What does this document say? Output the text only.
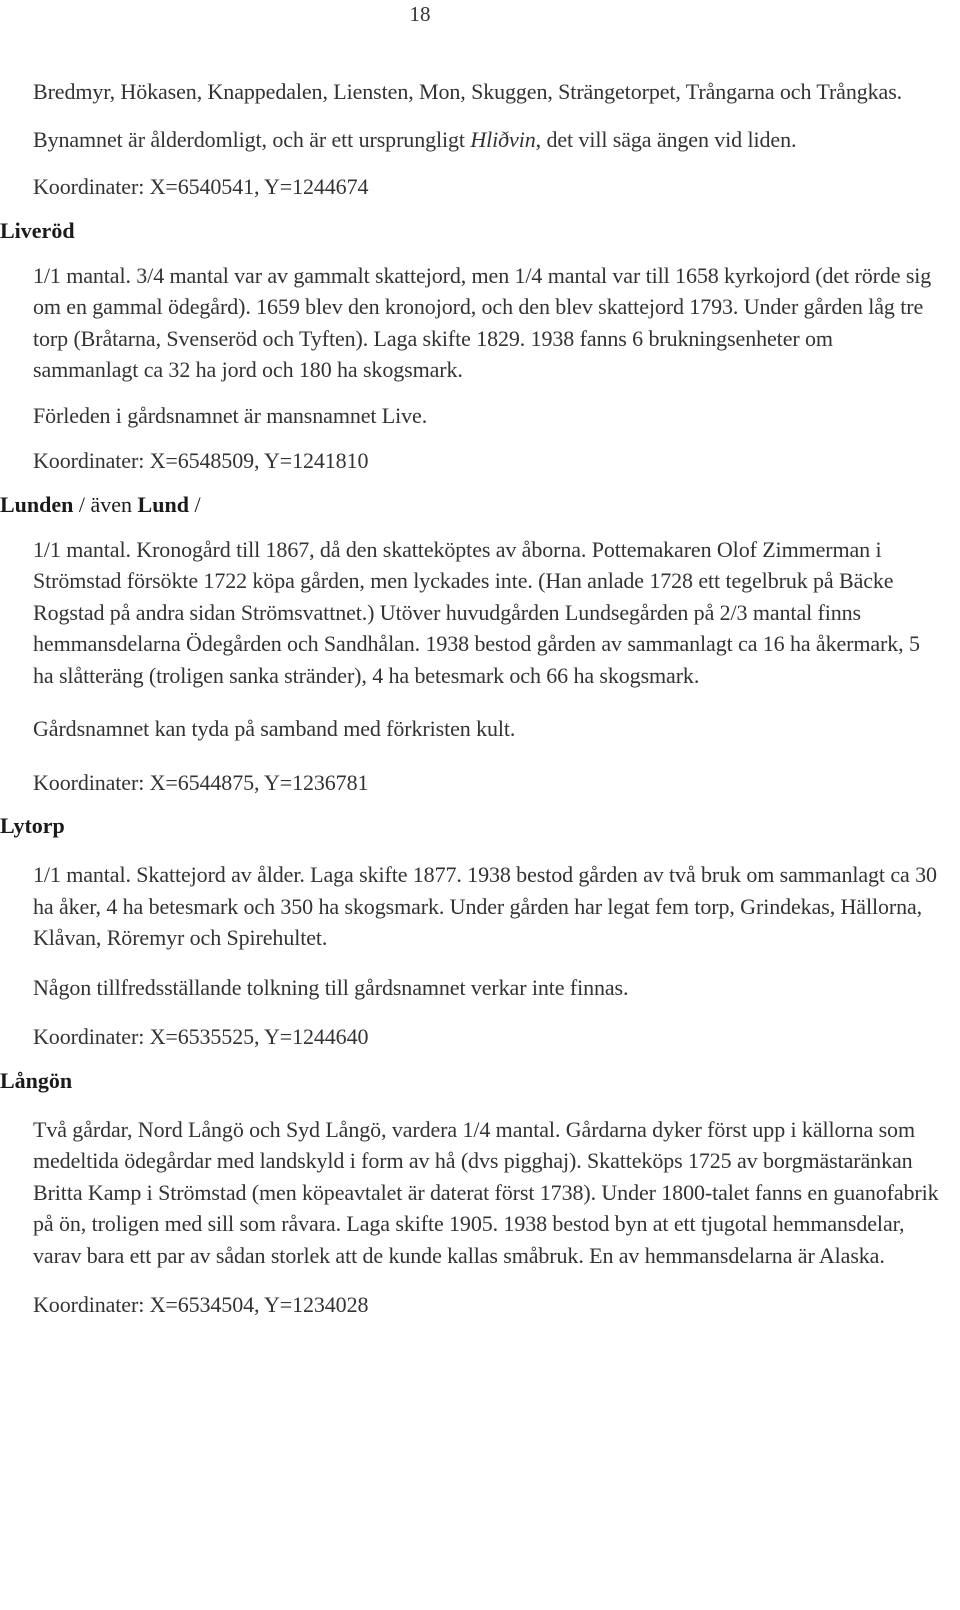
18

Bredmyr, Hökasen, Knappedalen, Liensten, Mon, Skuggen, Strängetorpet, Trångarna och Trångkas.

Bynamnet är ålderdomligt, och är ett ursprungligt Hliðvin, det vill säga ängen vid liden.

Koordinater: X=6540541, Y=1244674

Liveröd

1/1 mantal. 3/4 mantal var av gammalt skattejord, men 1/4 mantal var till 1658 kyrkojord (det rörde sig om en gammal ödegård). 1659 blev den kronojord, och den blev skattejord 1793. Under gården låg tre torp (Bråtarna, Svenseröd och Tyften). Laga skifte 1829. 1938 fanns 6 brukningsenheter om sammanlagt ca 32 ha jord och 180 ha skogsmark.

Förleden i gårdsnamnet är mansnamnet Live.

Koordinater: X=6548509, Y=1241810

Lunden / även Lund /

1/1 mantal. Kronogård till 1867, då den skatteköptes av åborna. Pottemakaren Olof Zimmerman i Strömstad försökte 1722 köpa gården, men lyckades inte. (Han anlade 1728 ett tegelbruk på Bäcke Rogstad på andra sidan Strömsvattnet.) Utöver huvudgården Lundsegården på 2/3 mantal finns hemmansdelarna Ödegården och Sandhålan. 1938 bestod gården av sammanlagt ca 16 ha åkermark, 5 ha slåtteräng (troligen sanka stränder), 4 ha betesmark och 66 ha skogsmark.

Gårdsnamnet kan tyda på samband med förkristen kult.

Koordinater: X=6544875, Y=1236781

Lytorp

1/1 mantal. Skattejord av ålder. Laga skifte 1877. 1938 bestod gården av två bruk om sammanlagt ca 30 ha åker, 4 ha betesmark och 350 ha skogsmark. Under gården har legat fem torp, Grindekas, Hällorna, Klåvan, Röremyr och Spirehultet.

Någon tillfredsställande tolkning till gårdsnamnet verkar inte finnas.

Koordinater: X=6535525, Y=1244640

Långön

Två gårdar, Nord Långö och Syd Långö, vardera 1/4 mantal. Gårdarna dyker först upp i källorna som medeltida ödegårdar med landskyld i form av hå (dvs pigghaj). Skatteköps 1725 av borgmästaränkan Britta Kamp i Strömstad (men köpeavtalet är daterat först 1738). Under 1800-talet fanns en guanofabrik på ön, troligen med sill som råvara. Laga skifte 1905. 1938 bestod byn at ett tjugotal hemmansdelar, varav bara ett par av sådan storlek att de kunde kallas småbruk. En av hemmansdelarna är Alaska.

Koordinater: X=6534504, Y=1234028
